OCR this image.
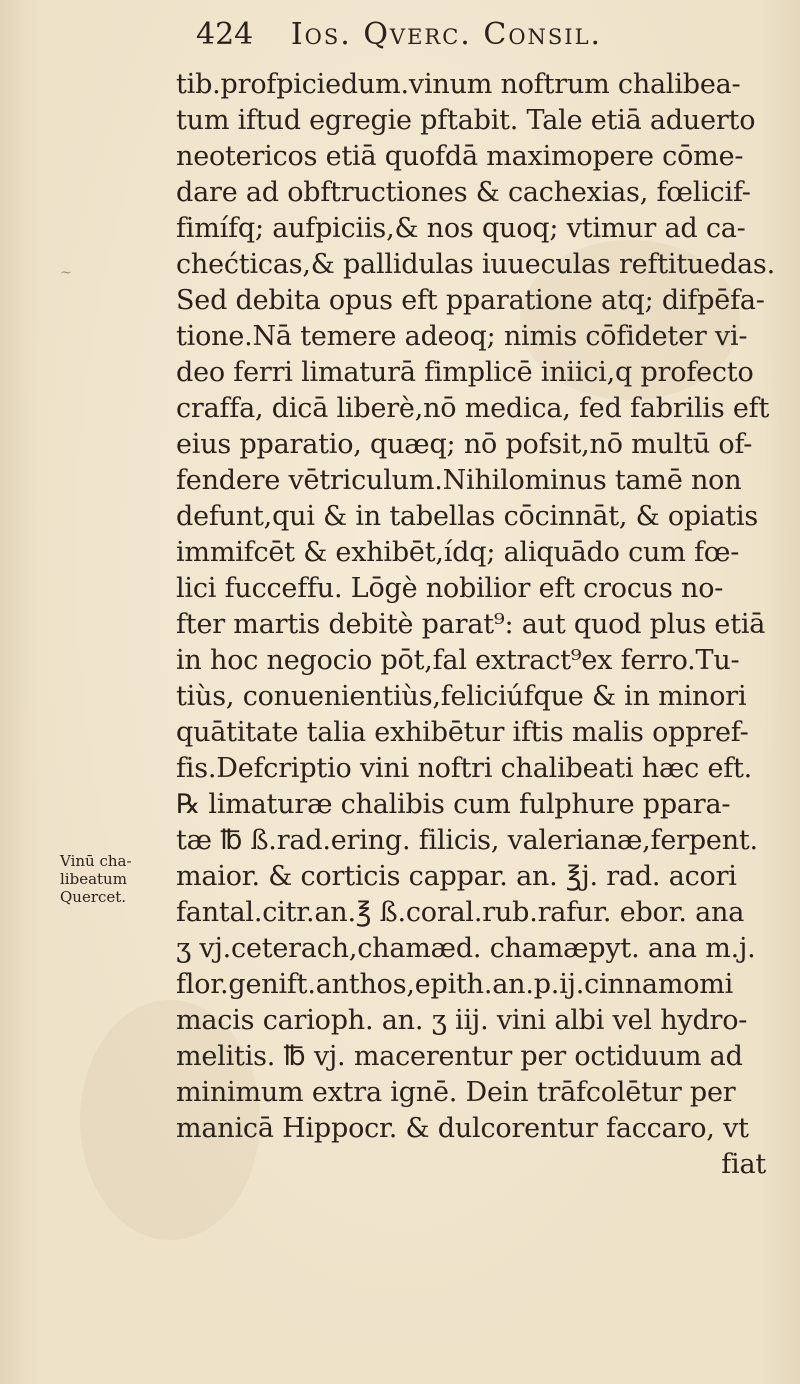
424 Ios. Qverc. Consil.
Vinū cha-
libeatum
Quercet.
tib.profpiciedum.vinum noftrum chalibea-
tum iftud egregie pftabit. Tale etiā aduerto
neotericos etiā quofdā maximopere cōme-
dare ad obftructiones & cachexias, fœlicif-
fimífq; aufpiciis,& nos quoq; vtimur ad ca-
chećticas,& pallidulas iuueculas reftituedas.
Sed debita opus eft pparatione atq; difpēfa-
tione.Nā temere adeoq; nimis cōfideter vi-
deo ferri limaturā fimplicē iniici,q profecto
craffa, dicā liberè,nō medica, fed fabrilis eft
eius pparatio, quæq; nō pofsit,nō multū of-
fendere vētriculum.Nihilominus tamē non
defunt,qui & in tabellas cōcinnāt, & opiatis
immifcēt & exhibēt,ídq; aliquādo cum fœ-
lici fucceffu. Lōgè nobilior eft crocus no-
fter martis debitè parat⁹: aut quod plus etiā
in hoc negocio pōt,fal extract⁹ex ferro.Tu-
tiùs, conuenientiùs,feliciúfque & in minori
quātitate talia exhibētur iftis malis oppref-
fis.Defcriptio vini noftri chalibeati hæc eft.
℞ limaturæ chalibis cum fulphure ppara-
tæ ℔ ß.rad.ering. filicis, valerianæ,ferpent.
maior. & corticis cappar. an. ℥j. rad. acori
fantal.citr.an.℥ ß.coral.rub.rafur. ebor. ana
ʒ vj.ceterach,chamæd. chamæpyt. ana m.j.
flor.genift.anthos,epith.an.p.ij.cinnamomi
macis carioph. an. ʒ iij. vini albi vel hydro-
melitis. ℔ vj. macerentur per octiduum ad
minimum extra ignē. Dein trāfcolētur per
manicā Hippocr. & dulcorentur faccaro, vt
fiat
~
